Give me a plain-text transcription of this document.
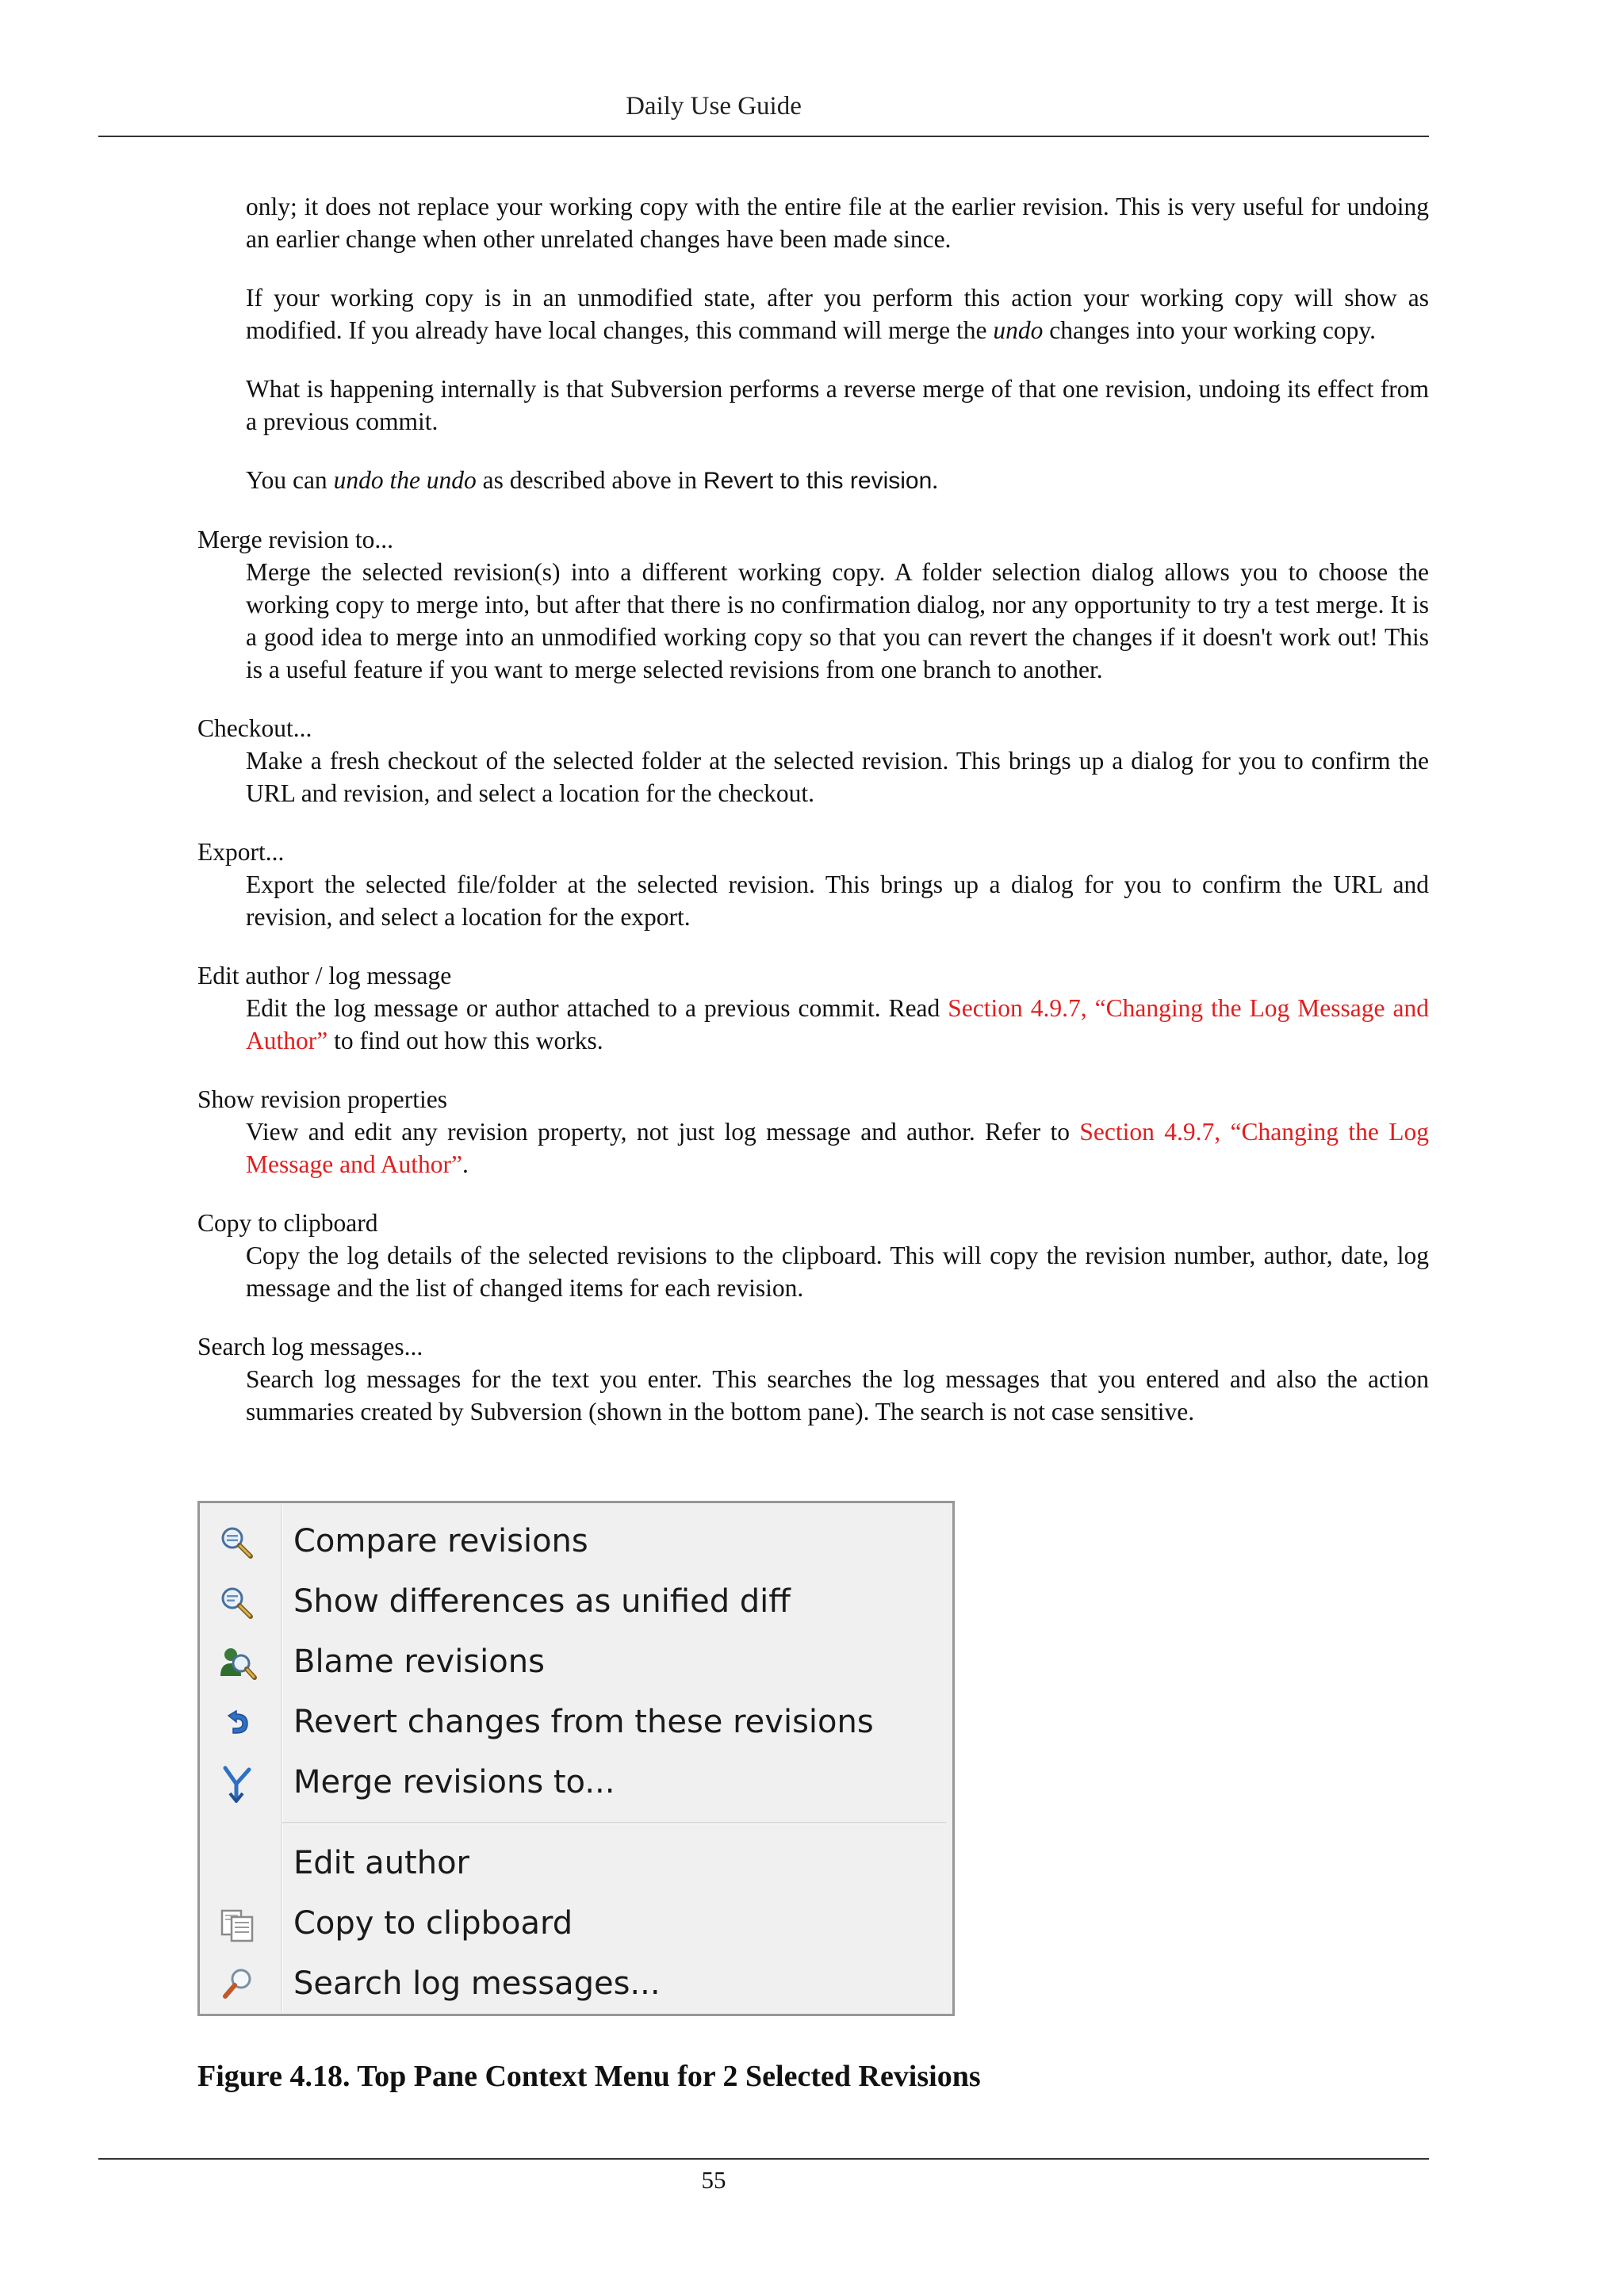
Daily Use Guide

only; it does not replace your working copy with the entire file at the earlier revision. This is very useful for undoing an earlier change when other unrelated changes have been made since.

If your working copy is in an unmodified state, after you perform this action your working copy will show as modified. If you already have local changes, this command will merge the undo changes into your working copy.

What is happening internally is that Subversion performs a reverse merge of that one revision, undoing its effect from a previous commit.

You can undo the undo as described above in Revert to this revision.

Merge revision to...
Merge the selected revision(s) into a different working copy. A folder selection dialog allows you to choose the working copy to merge into, but after that there is no confirmation dialog, nor any opportunity to try a test merge. It is a good idea to merge into an unmodified working copy so that you can revert the changes if it doesn't work out! This is a useful feature if you want to merge selected revisions from one branch to another.
Checkout...
Make a fresh checkout of the selected folder at the selected revision. This brings up a dialog for you to confirm the URL and revision, and select a location for the checkout.
Export...
Export the selected file/folder at the selected revision. This brings up a dialog for you to confirm the URL and revision, and select a location for the export.
Edit author / log message
Edit the log message or author attached to a previous commit. Read Section 4.9.7, “Changing the Log Message and Author” to find out how this works.
Show revision properties
View and edit any revision property, not just log message and author. Refer to Section 4.9.7, “Changing the Log Message and Author”.
Copy to clipboard
Copy the log details of the selected revisions to the clipboard. This will copy the revision number, author, date, log message and the list of changed items for each revision.
Search log messages...
Search log messages for the text you enter. This searches the log messages that you entered and also the action summaries created by Subversion (shown in the bottom pane). The search is not case sensitive.
Compare revisions
Show differences as unified diff
Blame revisions
Revert changes from these revisions
Merge revisions to...
Edit author
Copy to clipboard
Search log messages...
Figure 4.18. Top Pane Context Menu for 2 Selected Revisions
55
